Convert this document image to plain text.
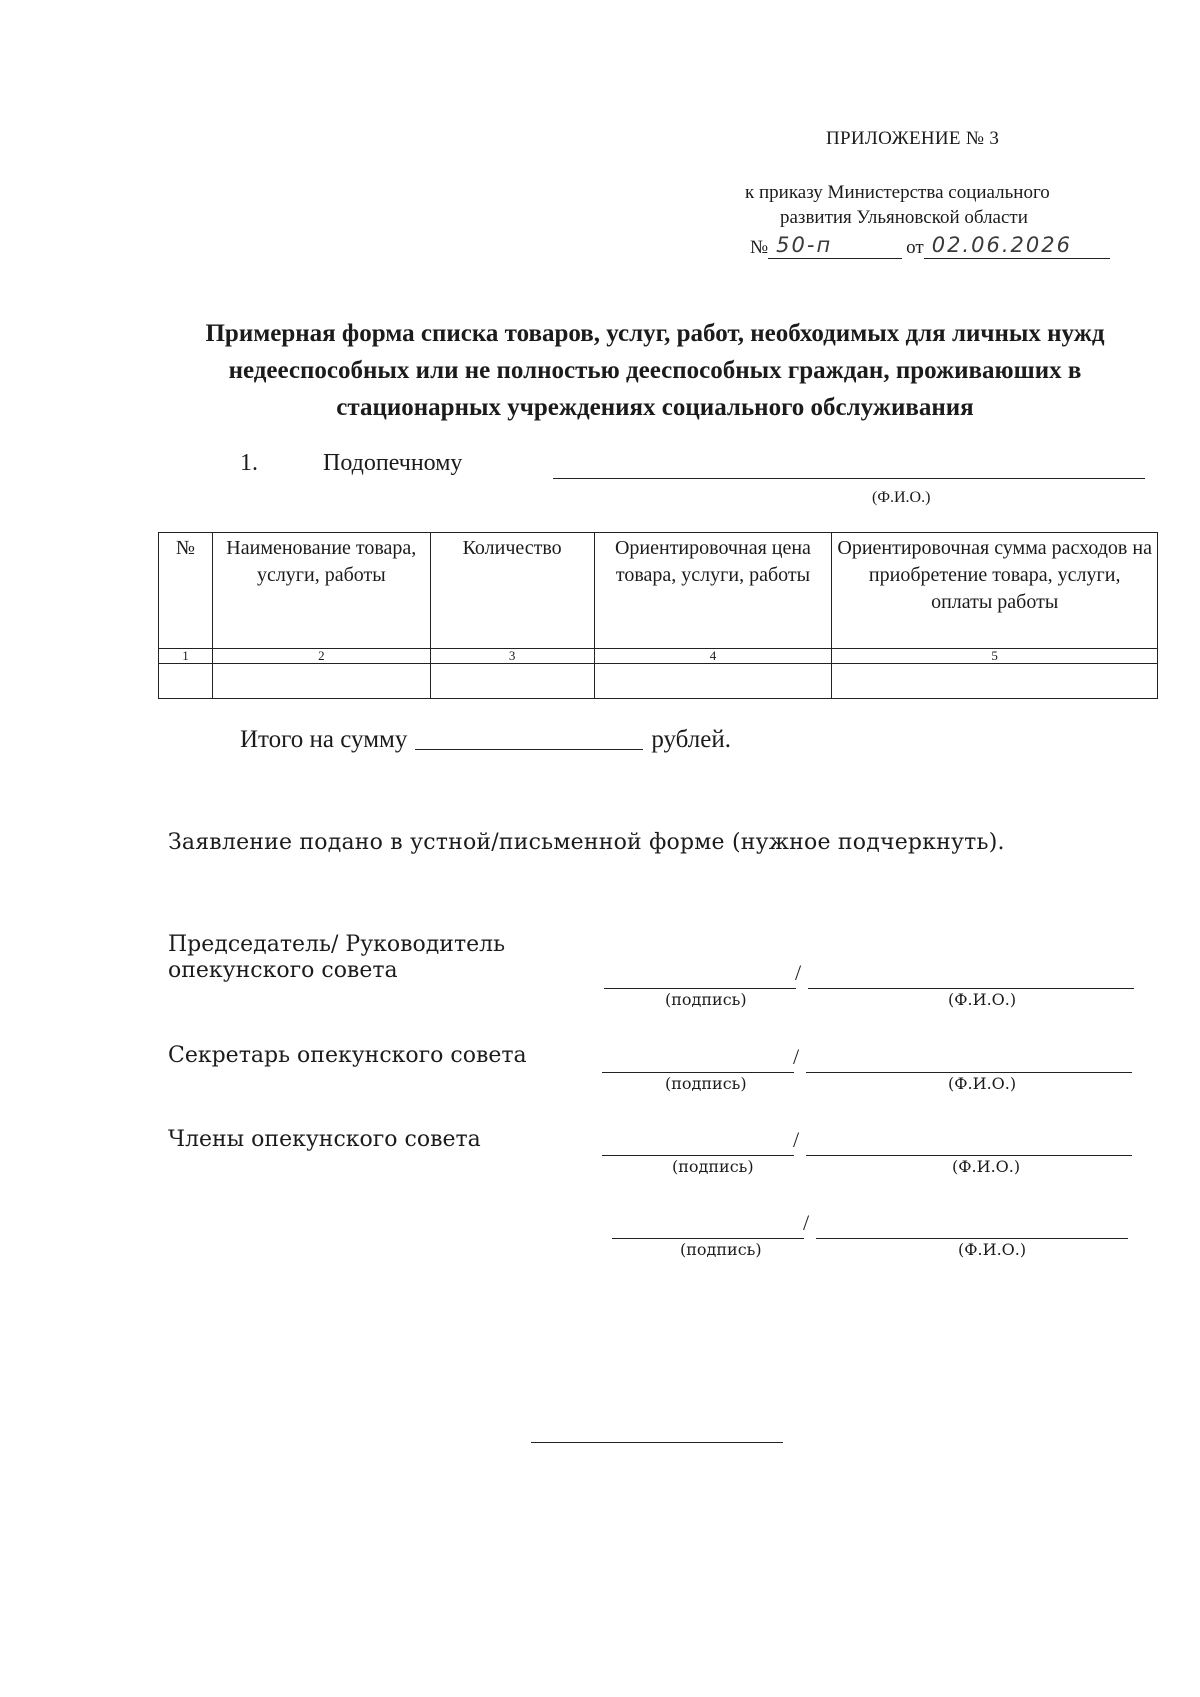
ПРИЛОЖЕНИЕ № 3
к приказу Министерства социального
развития Ульяновской области
№ 50-п	от 02.06.2026
Примерная форма списка товаров, услуг, работ, необходимых для личных нужд недееспособных или не полностью дееспособных граждан, проживаюших в стационарных учреждениях социального обслуживания
1.	Подопечному
(Ф.И.О.)
№	Наименование товара, услуги, работы	Количество	Ориентировочная цена товара, услуги, работы	Ориентировочная сумма расходов на приобретение товара, услуги, оплаты работы
1	2	3	4	5

Итого на сумму	рублей.
Заявление подано в устной/письменной форме (нужное подчеркнуть).
Председатель/ Руководитель
опекунского совета	/
(подпись)	(Ф.И.О.)
Секретарь опекунского совета	/
(подпись)	(Ф.И.О.)
Члены опекунского совета	/
(подпись)	(Ф.И.О.)
/
(подпись)	(Ф.И.О.)
